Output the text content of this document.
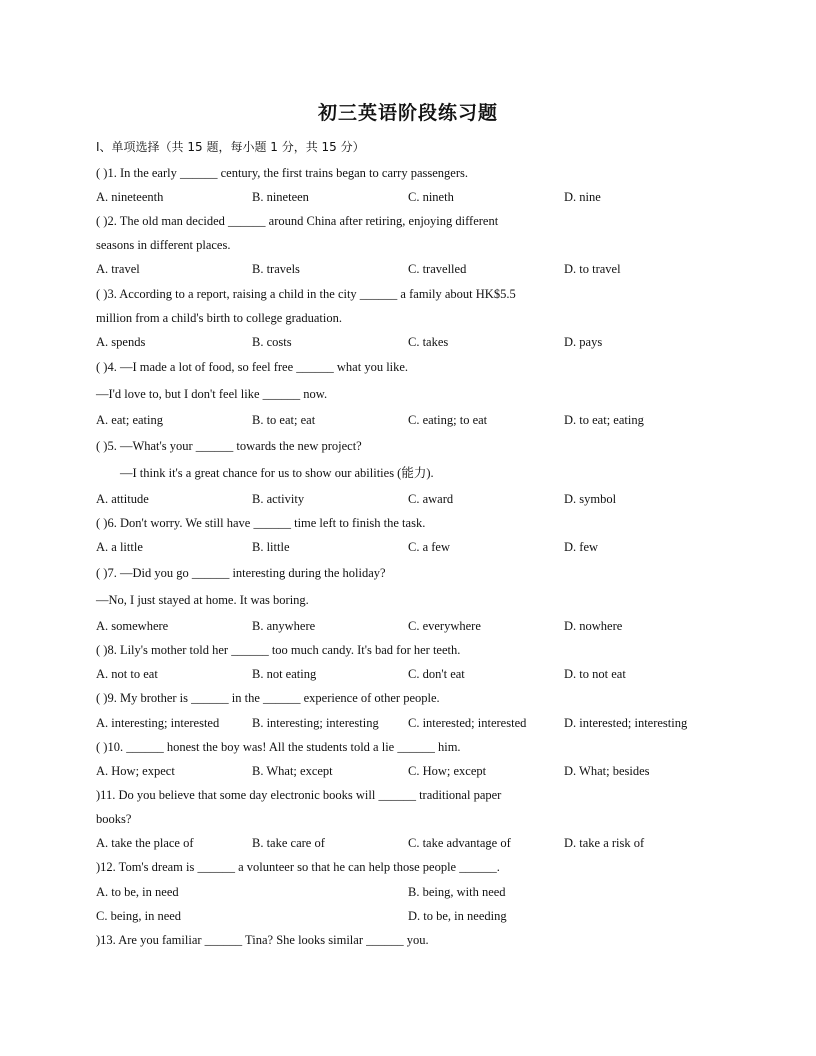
初三英语阶段练习题
I、单项选择（共 15 题，每小题 1 分，共 15 分）
( )1. In the early ______ century, the first trains began to carry passengers.
A. nineteenth	B. nineteen	C. nineth	D. nine
( )2. The old man decided ______ around China after retiring, enjoying different
seasons in different places.
A. travel	B. travels	C. travelled	D. to travel
( )3. According to a report, raising a child in the city ______ a family about HK$5.5
million from a child's birth to college graduation.
A. spends	B. costs	C. takes	D. pays
( )4. —I made a lot of food, so feel free ______ what you like.
—I'd love to, but I don't feel like ______ now.
A. eat; eating	B. to eat; eat	C. eating; to eat	D. to eat; eating
( )5. —What's your ______ towards the new project?
—I think it's a great chance for us to show our abilities (能力).
A. attitude	B. activity	C. award	D. symbol
( )6. Don't worry. We still have ______ time left to finish the task.
A. a little	B. little	C. a few	D. few
( )7. —Did you go ______ interesting during the holiday?
—No, I just stayed at home. It was boring.
A. somewhere	B. anywhere	C. everywhere	D. nowhere
( )8. Lily's mother told her ______ too much candy. It's bad for her teeth.
A. not to eat	B. not eating	C. don't eat	D. to not eat
( )9. My brother is ______ in the ______ experience of other people.
A. interesting; interested	B. interesting; interesting C. interested; interested	D. interested; interesting
( )10. ______ honest the boy was! All the students told a lie ______ him.
A. How; expect	B. What; except	C. How; except	D. What; besides
)11. Do you believe that some day electronic books will ______ traditional paper
books?
A. take the place of	B. take care of	C. take advantage of	D. take a risk of
)12. Tom's dream is ______ a volunteer so that he can help those people ______.
A. to be, in need	B. being, with need
C. being, in need	D. to be, in needing
)13. Are you familiar ______ Tina? She looks similar ______ you.
